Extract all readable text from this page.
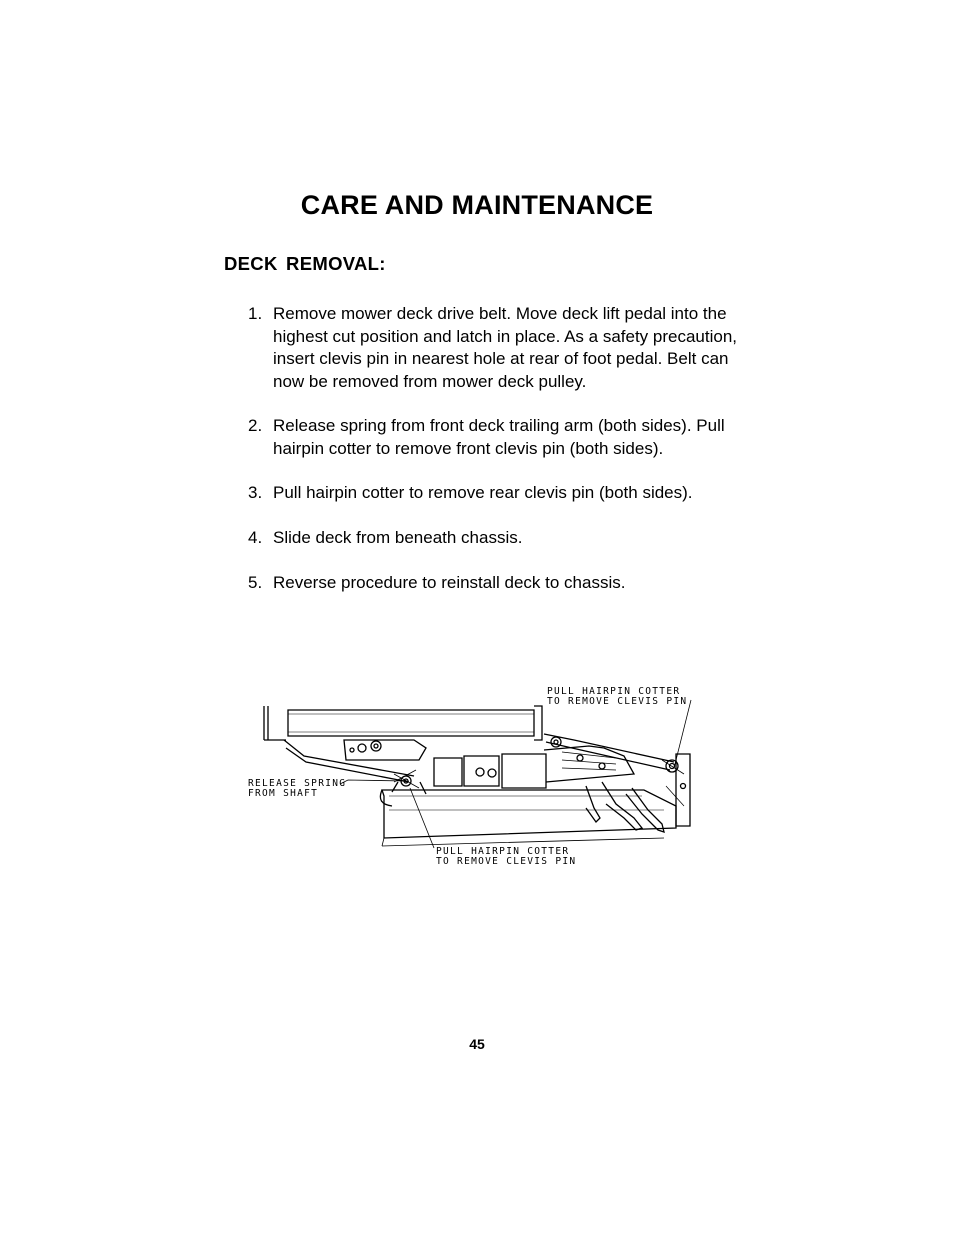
CARE AND MAINTENANCE
DECK REMOVAL:
1. Remove mower deck drive belt. Move deck lift pedal into the highest cut position and latch in place. As a safety precaution, insert clevis pin in nearest hole at rear of foot pedal. Belt can now be removed from mower deck pulley.
2. Release spring from front deck trailing arm (both sides). Pull hairpin cotter to remove front clevis pin (both sides).
3. Pull hairpin cotter to remove rear clevis pin (both sides).
4. Slide deck from beneath chassis.
5. Reverse procedure to reinstall deck to chassis.
PULL HAIRPIN COTTER
TO REMOVE CLEVIS PIN
RELEASE SPRING
FROM SHAFT
PULL HAIRPIN COTTER
TO REMOVE CLEVIS PIN
45
